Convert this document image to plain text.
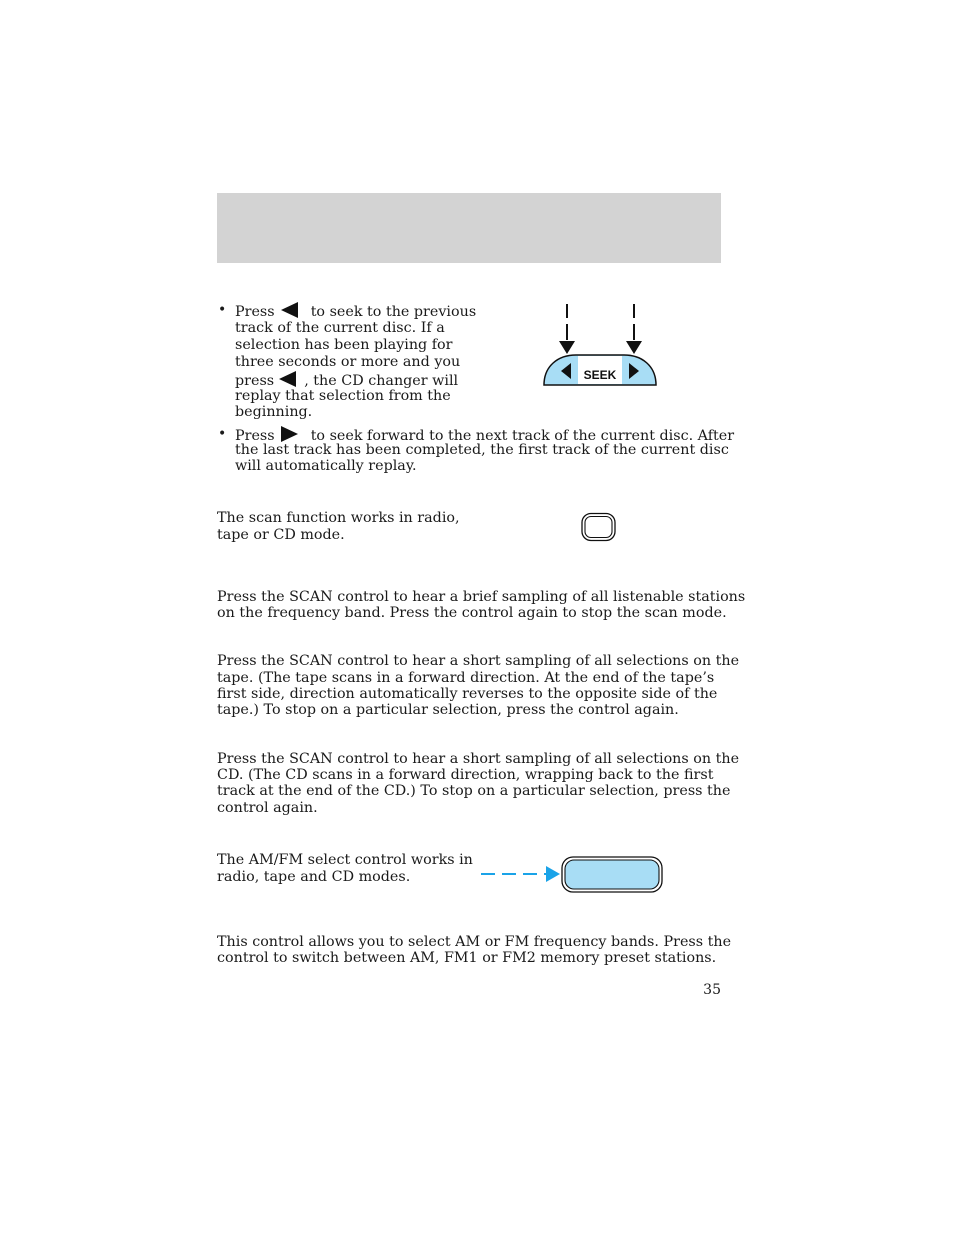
• Press	to seek to the previous

track of the current disc. If a

selection has been playing for

three seconds or more and you

press , the CD changer will

replay that selection from the

beginning.

SEEK
• Press	to seek forward to the next track of the current disc. After

the last track has been completed, the first track of the current disc

will automatically replay.

The scan function works in radio,

tape or CD mode.

Press the SCAN control to hear a brief sampling of all listenable stations

on the frequency band. Press the control again to stop the scan mode.

Press the SCAN control to hear a short sampling of all selections on the

tape. (The tape scans in a forward direction. At the end of the tape’s

first side, direction automatically reverses to the opposite side of the

tape.) To stop on a particular selection, press the control again.

Press the SCAN control to hear a short sampling of all selections on the

CD. (The CD scans in a forward direction, wrapping back to the first

track at the end of the CD.) To stop on a particular selection, press the

control again.

The AM/FM select control works in

radio, tape and CD modes.

This control allows you to select AM or FM frequency bands. Press the

control to switch between AM, FM1 or FM2 memory preset stations.

35
